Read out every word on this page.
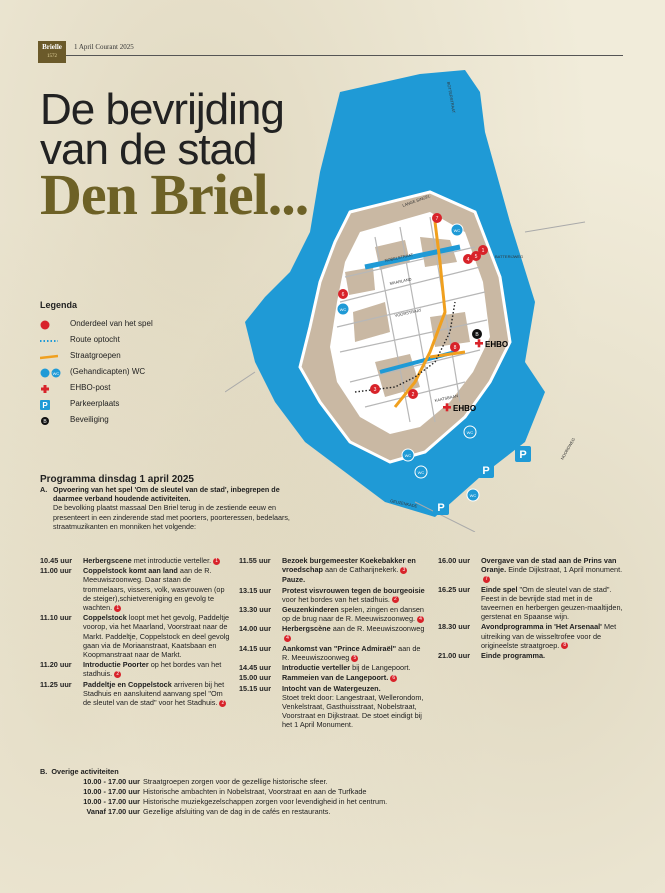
Brielle
1572
1 April Courant 2025
De bevrijding
van de stad
Den Briel...	7
4 5
1
6
8
3
2
WC
WC
WC
WC
WC
WC
P
P
P
B
EHBO
EHBO
LANGE SINGEL
BATTERIJWEG
MAARLAND
NOBELSTRAAT
VOORSTRAAT
KAATSBAAN
GEUZENKADE
BOTTERSTRAAT
NOORDWEG
Legenda
Onderdeel van het spel
Route optocht
Straatgroepen
WC (Gehandicapten) WC
EHBO-post
P	Parkeerplaats
B	Beveiliging
Programma dinsdag 1 april 2025
A. Opvoering van het spel 'Om de sleutel van de stad', inbegrepen de daarmee verband houdende activiteiten.
De bevolking plaatst massaal Den Briel terug in de zestiende eeuw en presenteert in een zinderende stad met poorters, poorteressen, bedelaars, straatmuzikanten en monniken het volgende:
10.45 uur Herbergscene met introductie verteller. 1
11.00 uur Coppelstock komt aan land aan de R. Meeuwiszoonweg. Daar staan de trommelaars, vissers, volk, wasvrouwen (op de steiger),schietvereniging en gevolg te wachten. 1
11.10 uur Coppelstock loopt met het gevolg, Paddeltje voorop, via het Maarland, Voorstraat naar de Markt. Paddeltje, Coppelstock en deel gevolg gaan via de Moriaanstraat, Kaatsbaan en Koopmanstraat naar de Markt.
11.20 uur Introductie Poorter op het bordes van het stadhuis. 2
11.25 uur Paddeltje en Coppelstock arriveren bij het Stadhuis en aansluitend aanvang spel "Om de sleutel van de stad" voor het Stadhuis. 2
11.55 uur Bezoek burgemeester Koekebakker en vroedschap aan de Catharijnekerk. 3
Pauze.
13.15 uur Protest visvrouwen tegen de bourgeoisie voor het bordes van het stadhuis. 2
13.30 uur Geuzenkinderen spelen, zingen en dansen op de brug naar de R. Meeuwiszoonweg. 4
14.00 uur Herbergscène aan de R. Meeuwiszoonweg4
14.15 uur Aankomst van "Prince Admiraël" aan de R. Meeuwiszoonweg 5
14.45 uur Introductie verteller bij de Langepoort.
15.00 uur Rammeien van de Langepoort. 6
15.15 uur Intocht van de Watergeuzen.
Stoet trekt door: Langestraat, Wellerondom, Venkelstraat, Gasthuisstraat, Nobelstraat, Voorstraat en Dijkstraat. De stoet eindigt bij het 1 April Monument.
16.00 uur Overgave van de stad aan de Prins van Oranje. Einde Dijkstraat, 1 April monument.7
16.25 uur Einde spel "Om de sleutel van de stad". Feest in de bevrijde stad met in de taveernen en herbergen geuzen-maaltijden, gerstenat en Spaanse wijn.
18.30 uur Avondprogramma in 'Het Arsenaal' Met uitreiking van de wisseltrofee voor de origineelste straatgroep. 8
21.00 uur Einde programma.
B. Overige activiteiten
10.00 - 17.00 uur Straatgroepen zorgen voor de gezellige historische sfeer.
10.00 - 17.00 uur Historische ambachten in Nobelstraat, Voorstraat en aan de Turfkade
10.00 - 17.00 uur Historische muziekgezelschappen zorgen voor levendigheid in het centrum.
Vanaf 17.00 uur Gezellige afsluiting van de dag in de cafés en restaurants.
